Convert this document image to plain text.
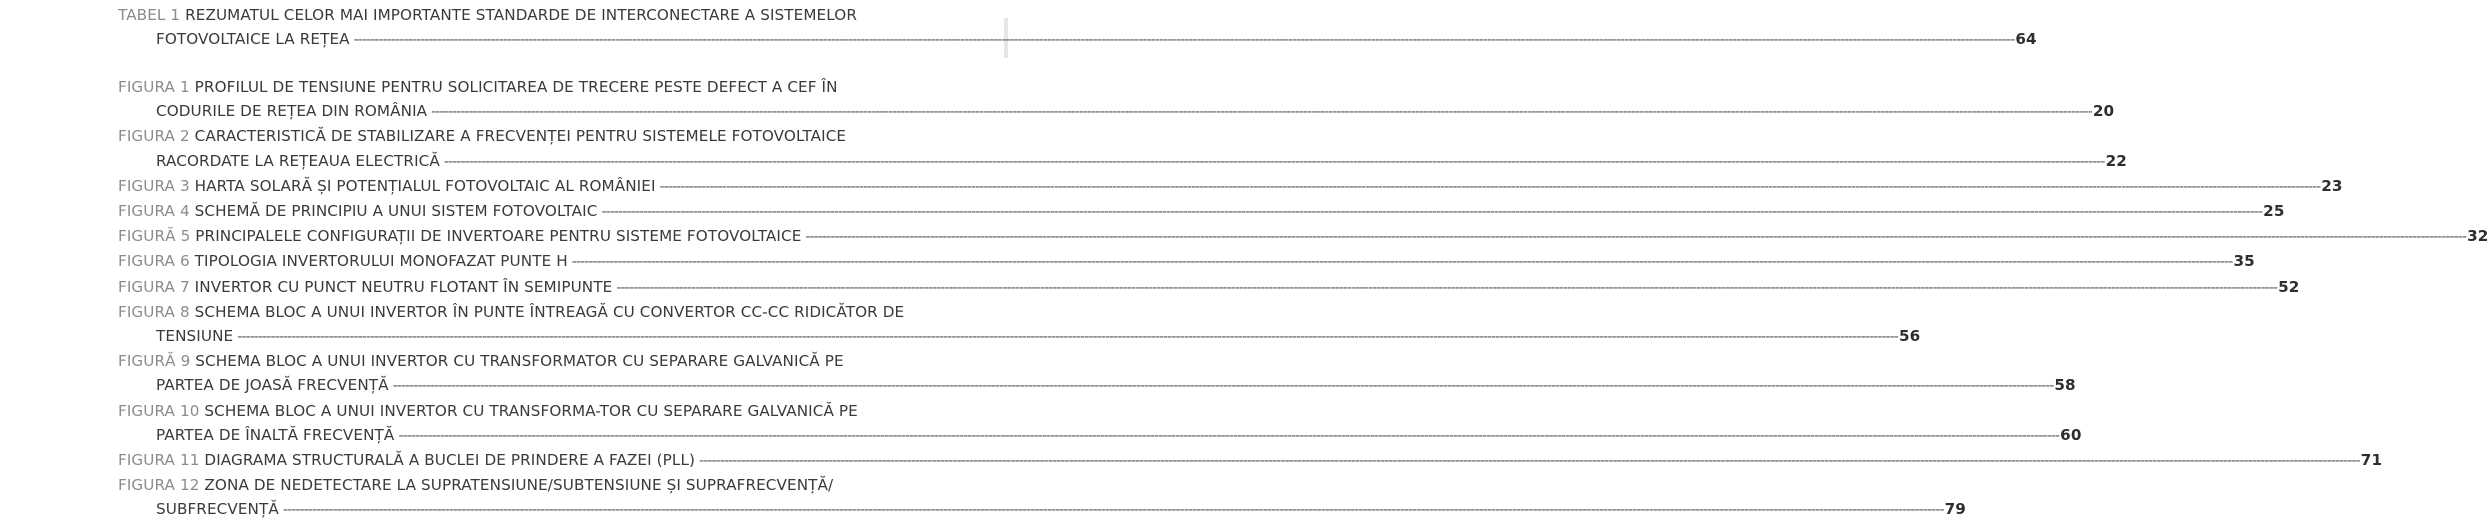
TABEL 1 REZUMATUL CELOR MAI IMPORTANTE STANDARDE DE INTERCONECTARE A SISTEMELOR
FOTOVOLTAICE LA REȚEA ---------------------------------------------------------------------------------------------------------------------------------------------------------------------------------------------------------------------------------------------------------------------------------------------------------------------------------------------------------------------------------------------------------------- 64
FIGURA 1 PROFILUL DE TENSIUNE PENTRU SOLICITAREA DE TRECERE PESTE DEFECT A CEF ÎN
CODURILE DE REȚEA DIN ROMÂNIA ---------------------------------------------------------------------------------------------------------------------------------------------------------------------------------------------------------------------------------------------------------------------------------------------------------------------------------------------------------------------------------------------------------------- 20
FIGURA 2 CARACTERISTICĂ DE STABILIZARE A FRECVENȚEI PENTRU SISTEMELE FOTOVOLTAICE
RACORDATE LA REȚEAUA ELECTRICĂ ---------------------------------------------------------------------------------------------------------------------------------------------------------------------------------------------------------------------------------------------------------------------------------------------------------------------------------------------------------------------------------------------------------------- 22
FIGURA 3 HARTA SOLARĂ ȘI POTENȚIALUL FOTOVOLTAIC AL ROMÂNIEI ---------------------------------------------------------------------------------------------------------------------------------------------------------------------------------------------------------------------------------------------------------------------------------------------------------------------------------------------------------------------------------------------------------------- 23
FIGURA 4 SCHEMĂ DE PRINCIPIU A UNUI SISTEM FOTOVOLTAIC ---------------------------------------------------------------------------------------------------------------------------------------------------------------------------------------------------------------------------------------------------------------------------------------------------------------------------------------------------------------------------------------------------------------- 25
FIGURĂ 5 PRINCIPALELE CONFIGURAȚII DE INVERTOARE PENTRU SISTEME FOTOVOLTAICE ---------------------------------------------------------------------------------------------------------------------------------------------------------------------------------------------------------------------------------------------------------------------------------------------------------------------------------------------------------------------------------------------------------------- 32
FIGURA 6 TIPOLOGIA INVERTORULUI MONOFAZAT PUNTE H ---------------------------------------------------------------------------------------------------------------------------------------------------------------------------------------------------------------------------------------------------------------------------------------------------------------------------------------------------------------------------------------------------------------- 35
FIGURA 7 INVERTOR CU PUNCT NEUTRU FLOTANT ÎN SEMIPUNTE ---------------------------------------------------------------------------------------------------------------------------------------------------------------------------------------------------------------------------------------------------------------------------------------------------------------------------------------------------------------------------------------------------------------- 52
FIGURA 8 SCHEMA BLOC A UNUI INVERTOR ÎN PUNTE ÎNTREAGĂ CU CONVERTOR CC-CC RIDICĂTOR DE
TENSIUNE ---------------------------------------------------------------------------------------------------------------------------------------------------------------------------------------------------------------------------------------------------------------------------------------------------------------------------------------------------------------------------------------------------------------- 56
FIGURĂ 9 SCHEMA BLOC A UNUI INVERTOR CU TRANSFORMATOR CU SEPARARE GALVANICĂ PE
PARTEA DE JOASĂ FRECVENȚĂ ---------------------------------------------------------------------------------------------------------------------------------------------------------------------------------------------------------------------------------------------------------------------------------------------------------------------------------------------------------------------------------------------------------------- 58
FIGURA 10 SCHEMA BLOC A UNUI INVERTOR CU TRANSFORMA-TOR CU SEPARARE GALVANICĂ PE
PARTEA DE ÎNALTĂ FRECVENȚĂ ---------------------------------------------------------------------------------------------------------------------------------------------------------------------------------------------------------------------------------------------------------------------------------------------------------------------------------------------------------------------------------------------------------------- 60
FIGURA 11 DIAGRAMA STRUCTURALĂ A BUCLEI DE PRINDERE A FAZEI (PLL) ---------------------------------------------------------------------------------------------------------------------------------------------------------------------------------------------------------------------------------------------------------------------------------------------------------------------------------------------------------------------------------------------------------------- 71
FIGURA 12 ZONA DE NEDETECTARE LA SUPRATENSIUNE/SUBTENSIUNE ȘI SUPRAFRECVENȚĂ/
SUBFRECVENȚĂ ---------------------------------------------------------------------------------------------------------------------------------------------------------------------------------------------------------------------------------------------------------------------------------------------------------------------------------------------------------------------------------------------------------------- 79
